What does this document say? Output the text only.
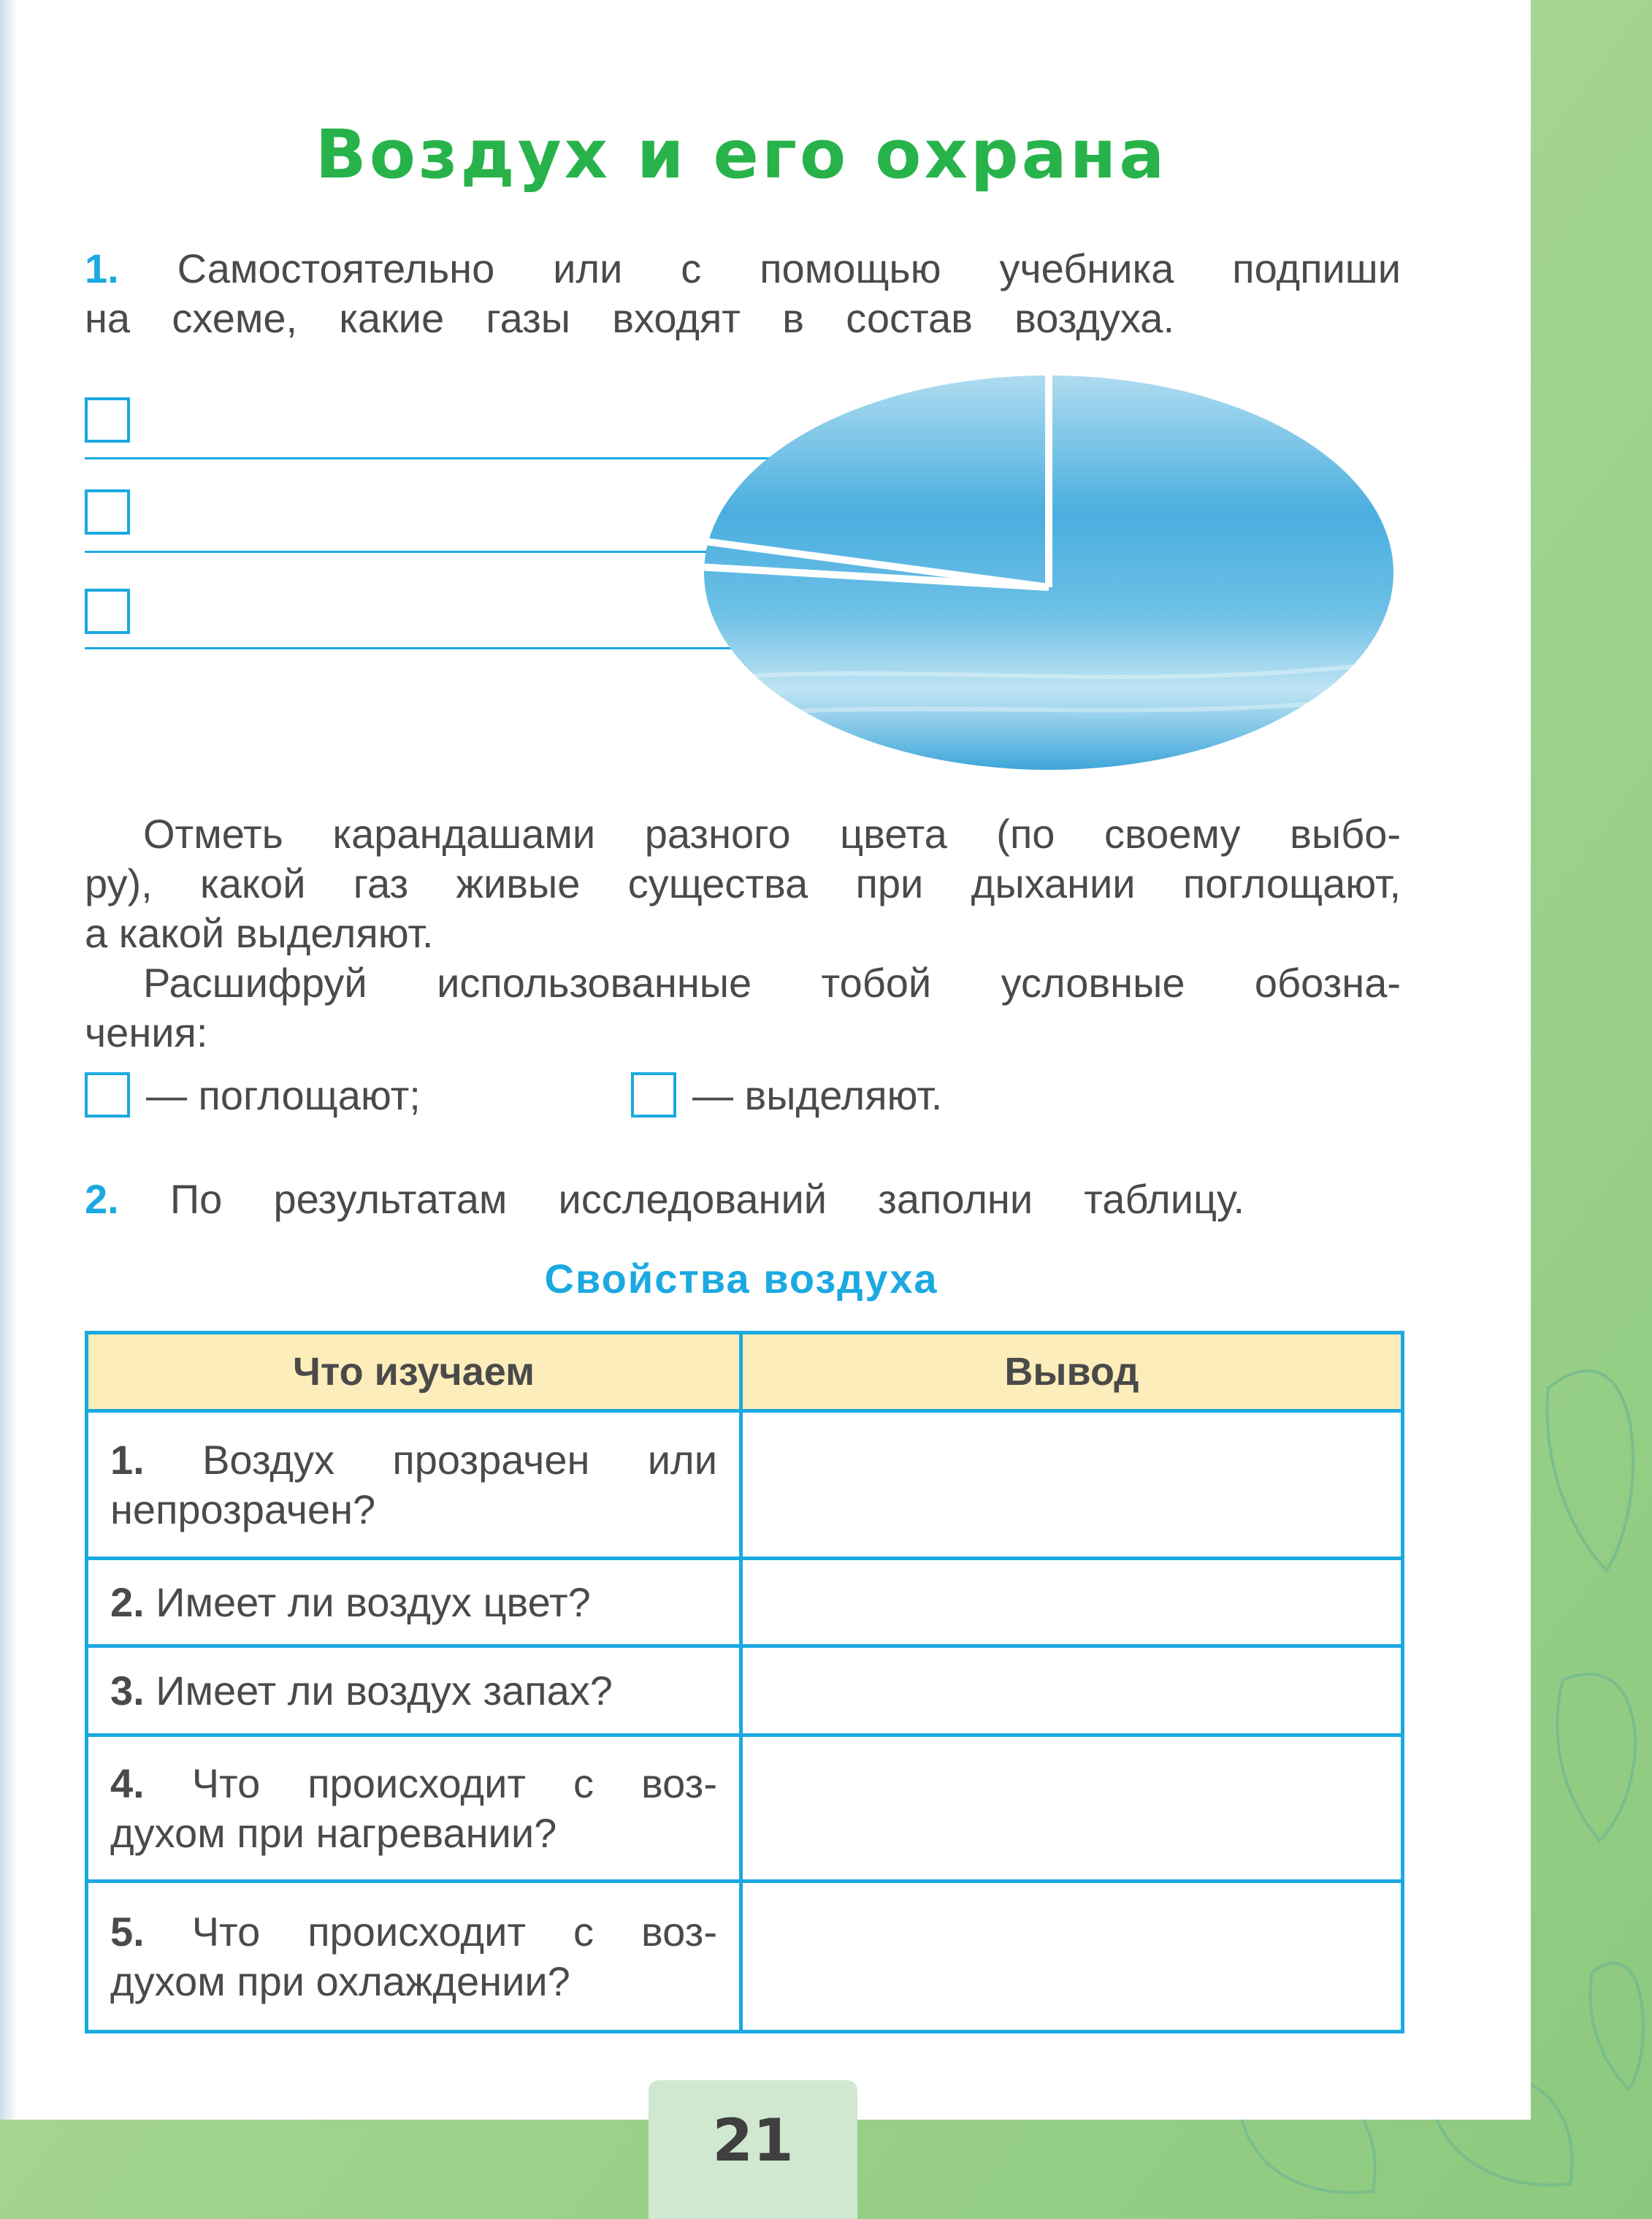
Воздух и его охрана
1. Самостоятельно или с помощью учебника подпиши
на схеме, какие газы входят в состав воздуха.
Отметь карандашами разного цвета (по своему выбо-
ру), какой газ живые существа при дыхании поглощают,
а какой выделяют.
Расшифруй использованные тобой условные обозна-
чения:
— поглощают;	— выделяют.
2. По результатам исследований заполни таблицу.
Свойства воздуха
Что изучаем	Вывод

1. Воздух прозрачен или
непрозрачен?	

2. Имеет ли воздух цвет?	

3. Имеет ли воздух запах?	

4. Что происходит с воз-
духом при нагревании?	

5. Что происходит с воз-
духом при охлаждении?	

21
